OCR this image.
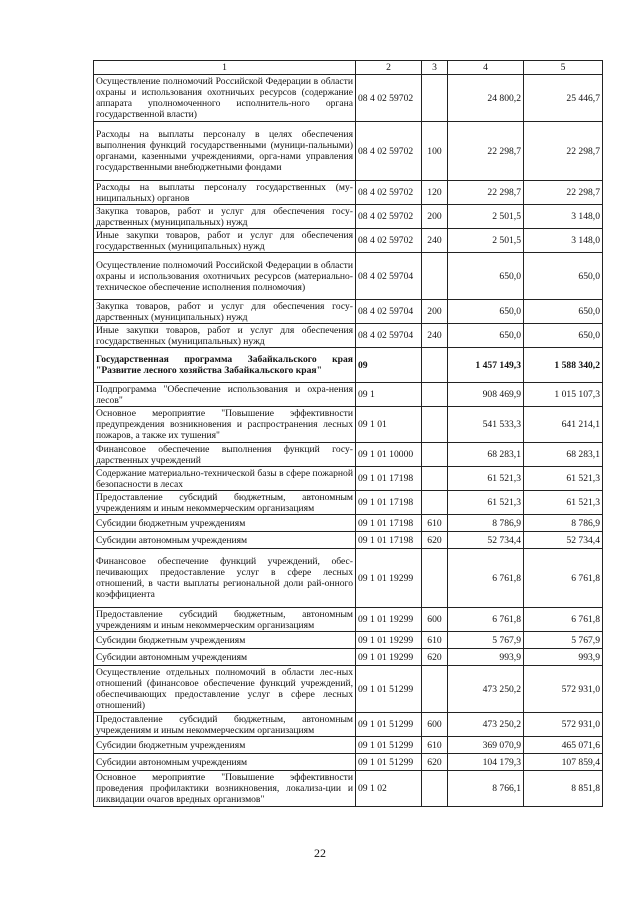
1	2	3	4	5
Осуществление полномочий Российской Федерации в области охраны и использования охотничьих ресурсов (содержание аппарата уполномоченного исполнитель-ного органа государственной власти)	08 4 02 59702		24 800,2	25 446,7
Расходы на выплаты персоналу в целях обеспечения выполнения функций государственными (муници-пальными) органами, казенными учреждениями, орга-нами управления государственными внебюджетными фондами	08 4 02 59702	100	22 298,7	22 298,7
Расходы на выплаты персоналу государственных (му-ниципальных) органов	08 4 02 59702	120	22 298,7	22 298,7
Закупка товаров, работ и услуг для обеспечения госу-дарственных (муниципальных) нужд	08 4 02 59702	200	2 501,5	3 148,0
Иные закупки товаров, работ и услуг для обеспечения государственных (муниципальных) нужд	08 4 02 59702	240	2 501,5	3 148,0
Осуществление полномочий Российской Федерации в области охраны и использования охотничьих ресурсов (материально-техническое обеспечение исполнения полномочия)	08 4 02 59704		650,0	650,0
Закупка товаров, работ и услуг для обеспечения госу-дарственных (муниципальных) нужд	08 4 02 59704	200	650,0	650,0
Иные закупки товаров, работ и услуг для обеспечения государственных (муниципальных) нужд	08 4 02 59704	240	650,0	650,0
Государственная программа Забайкальского края "Развитие лесного хозяйства Забайкальского края"	09		1 457 149,3	1 588 340,2
Подпрограмма "Обеспечение использования и охра-нения лесов"	09 1		908 469,9	1 015 107,3
Основное мероприятие "Повышение эффективности предупреждения возникновения и распространения лесных пожаров, а также их тушения"	09 1 01		541 533,3	641 214,1
Финансовое обеспечение выполнения функций госу-дарственных учреждений	09 1 01 10000		68 283,1	68 283,1
Содержание материально-технической базы в сфере пожарной безопасности в лесах	09 1 01 17198		61 521,3	61 521,3
Предоставление субсидий бюджетным, автономным учреждениям и иным некоммерческим организациям	09 1 01 17198		61 521,3	61 521,3
Субсидии бюджетным учреждениям	09 1 01 17198	610	8 786,9	8 786,9
Субсидии автономным учреждениям	09 1 01 17198	620	52 734,4	52 734,4
Финансовое обеспечение функций учреждений, обес-печивающих предоставление услуг в сфере лесных отношений, в части выплаты региональной доли рай-онного коэффициента	09 1 01 19299		6 761,8	6 761,8
Предоставление субсидий бюджетным, автономным учреждениям и иным некоммерческим организациям	09 1 01 19299	600	6 761,8	6 761,8
Субсидии бюджетным учреждениям	09 1 01 19299	610	5 767,9	5 767,9
Субсидии автономным учреждениям	09 1 01 19299	620	993,9	993,9
Осуществление отдельных полномочий в области лес-ных отношений (финансовое обеспечение функций учреждений, обеспечивающих предоставление услуг в сфере лесных отношений)	09 1 01 51299		473 250,2	572 931,0
Предоставление субсидий бюджетным, автономным учреждениям и иным некоммерческим организациям	09 1 01 51299	600	473 250,2	572 931,0
Субсидии бюджетным учреждениям	09 1 01 51299	610	369 070,9	465 071,6
Субсидии автономным учреждениям	09 1 01 51299	620	104 179,3	107 859,4
Основное мероприятие "Повышение эффективности проведения профилактики возникновения, локализа-ции и ликвидации очагов вредных организмов"	09 1 02		8 766,1	8 851,8
22
